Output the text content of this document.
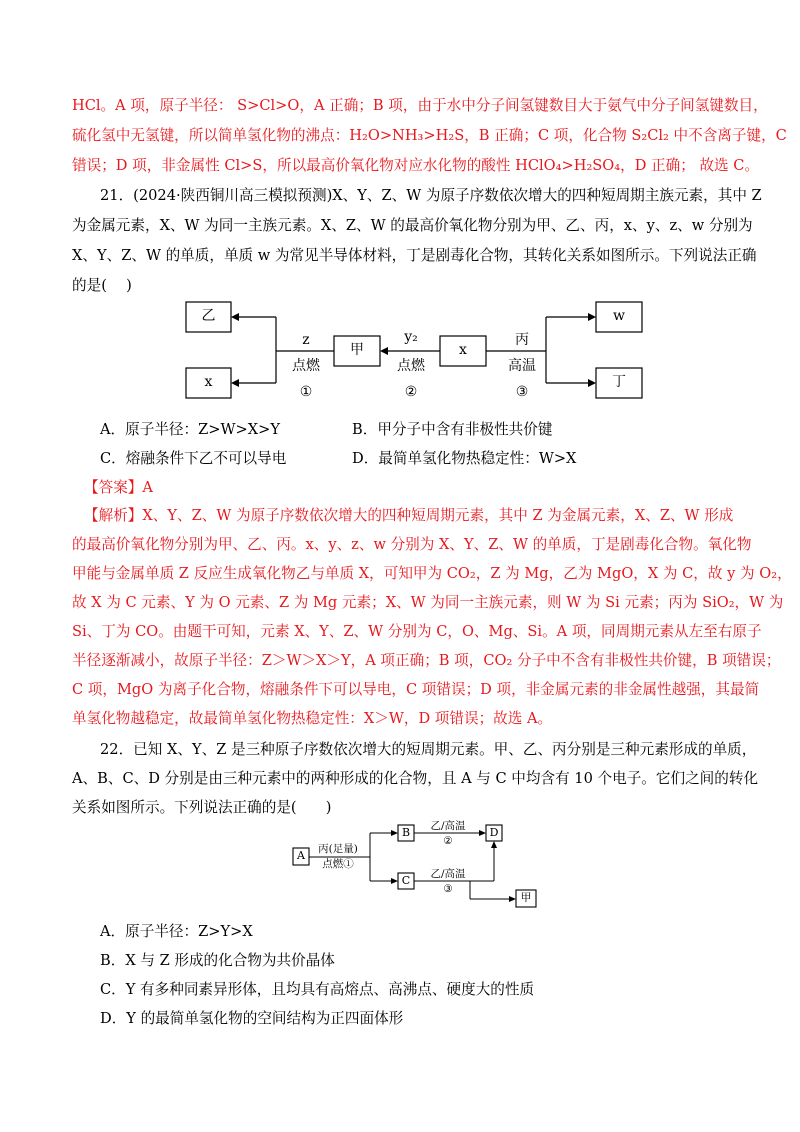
HCl。A 项，原子半径： S>Cl>O，A 正确；B 项，由于水中分子间氢键数目大于氨气中分子间氢键数目，
硫化氢中无氢键，所以简单氢化物的沸点：H₂O>NH₃>H₂S，B 正确；C 项，化合物 S₂Cl₂ 中不含离子键，C
错误；D 项，非金属性 Cl>S，所以最高价氧化物对应水化物的酸性 HClO₄>H₂SO₄，D 正确； 故选 C。
21．(2024·陕西铜川高三模拟预测)X、Y、Z、W 为原子序数依次增大的四种短周期主族元素，其中 Z
为金属元素，X、W 为同一主族元素。X、Z、W 的最高价氧化物分别为甲、乙、丙，x、y、z、w 分别为
X、Y、Z、W 的单质，单质 w 为常见半导体材料，丁是剧毒化合物，其转化关系如图所示。下列说法正确
的是(　 )
乙
x
甲	x
w
丁
z
点燃
①
y₂
点燃
②
丙
高温
③
A．原子半径：Z>W>X>Y	B．甲分子中含有非极性共价键
C．熔融条件下乙不可以导电	D．最简单氢化物热稳定性：W>X
【答案】A
【解析】X、Y、Z、W 为原子序数依次增大的四种短周期元素，其中 Z 为金属元素，X、Z、W 形成
的最高价氧化物分别为甲、乙、丙。x、y、z、w 分别为 X、Y、Z、W 的单质，丁是剧毒化合物。氧化物
甲能与金属单质 Z 反应生成氧化物乙与单质 X，可知甲为 CO₂，Z 为 Mg，乙为 MgO，X 为 C，故 y 为 O₂，
故 X 为 C 元素、Y 为 O 元素、Z 为 Mg 元素；X、W 为同一主族元素，则 W 为 Si 元素；丙为 SiO₂，W 为
Si、丁为 CO。由题干可知，元素 X、Y、Z、W 分别为 C，O、Mg、Si。A 项，同周期元素从左至右原子
半径逐渐减小，故原子半径：Z＞W＞X＞Y，A 项正确；B 项，CO₂ 分子中不含有非极性共价键，B 项错误；
C 项，MgO 为离子化合物，熔融条件下可以导电，C 项错误；D 项，非金属元素的非金属性越强，其最简
单氢化物越稳定，故最简单氢化物热稳定性：X＞W，D 项错误；故选 A。
22．已知 X、Y、Z 是三种原子序数依次增大的短周期元素。甲、乙、丙分别是三种元素形成的单质，
A、B、C、D 分别是由三种元素中的两种形成的化合物，且 A 与 C 中均含有 10 个电子。它们之间的转化
关系如图所示。下列说法正确的是(　　)
A
B
C
D
甲
丙(足量)
点燃①
乙/高温
②
乙/高温
③
A．原子半径：Z>Y>X
B．X 与 Z 形成的化合物为共价晶体
C．Y 有多种同素异形体，且均具有高熔点、高沸点、硬度大的性质
D．Y 的最简单氢化物的空间结构为正四面体形
